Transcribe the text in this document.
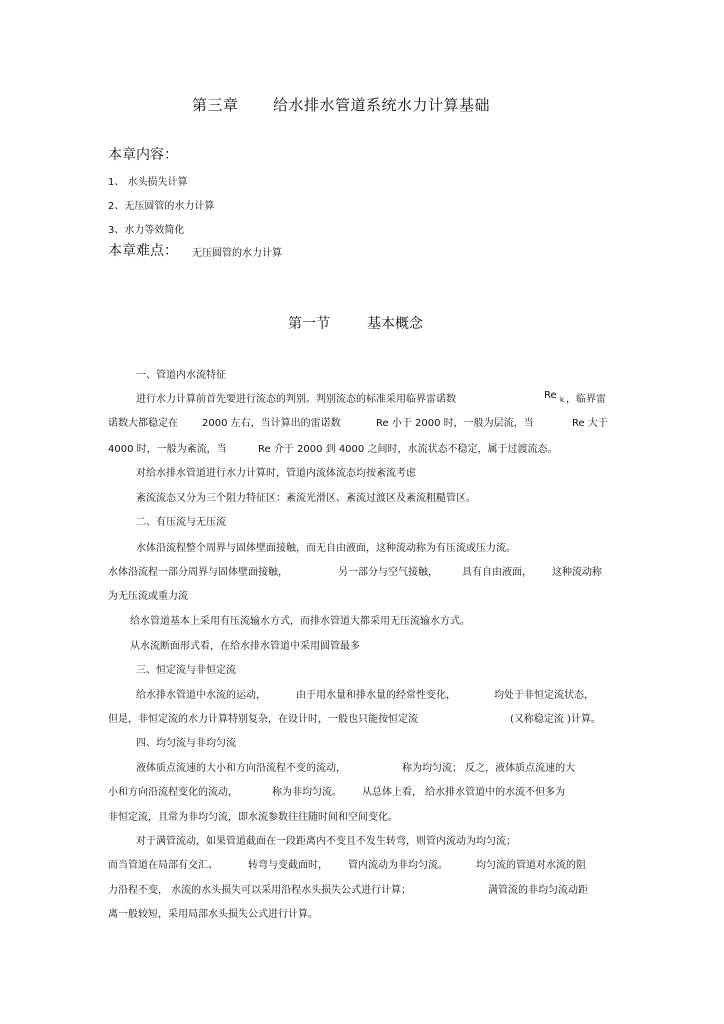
第三章 给水排水管道系统水力计算基础
本章内容：
1、 水头损失计算
2、无压圆管的水力计算
3、水力等效简化
本章难点： 无压圆管的水力计算
第一节	基本概念
一、管道内水流特征
进行水力计算前首先要进行流态的判别。判别流态的标准采用临界雷诺数	Re k ，临界雷
诺数大都稳定在 2000 左右，当计算出的雷诺数	Re 小于 2000 时，一般为层流，当	Re 大于
4000 时，一般为紊流，当	Re 介于 2000 到 4000 之间时，水流状态不稳定，属于过渡流态。
对给水排水管道进行水力计算时，管道内流体流态均按紊流考虑
紊流流态又分为三个阻力特征区：紊流光滑区、紊流过渡区及紊流粗糙管区。
二、有压流与无压流
水体沿流程整个周界与固体壁面接触，而无自由液面，这种流动称为有压流或压力流。
水体沿流程一部分周界与固体壁面接触，	另一部分与空气接触， 具有自由液面， 这种流动称
为无压流或重力流
给水管道基本上采用有压流输水方式，而排水管道大都采用无压流输水方式。
从水流断面形式看，在给水排水管道中采用圆管最多
三、恒定流与非恒定流
给水排水管道中水流的运动，	由于用水量和排水量的经常性变化，	均处于非恒定流状态，
但是，非恒定流的水力计算特别复杂，在设计时，一般也只能按恒定流	(又称稳定流 )计算。
四、均匀流与非均匀流
液体质点流速的大小和方向沿流程不变的流动，	称为均匀流； 反之，液体质点流速的大
小和方向沿流程变化的流动，	称为非均匀流。 从总体上看， 给水排水管道中的水流不但多为
非恒定流，且常为非均匀流，即水流参数往往随时间和空间变化。
对于满管流动，如果管道截面在一段距离内不变且不发生转弯，则管内流动为均匀流；
而当管道在局部有交汇、	转弯与变截面时， 管内流动为非均匀流。	均匀流的管道对水流的阻
力沿程不变， 水流的水头损失可以采用沿程水头损失公式进行计算；	满管流的非均匀流动距
离一般较短，采用局部水头损失公式进行计算。
